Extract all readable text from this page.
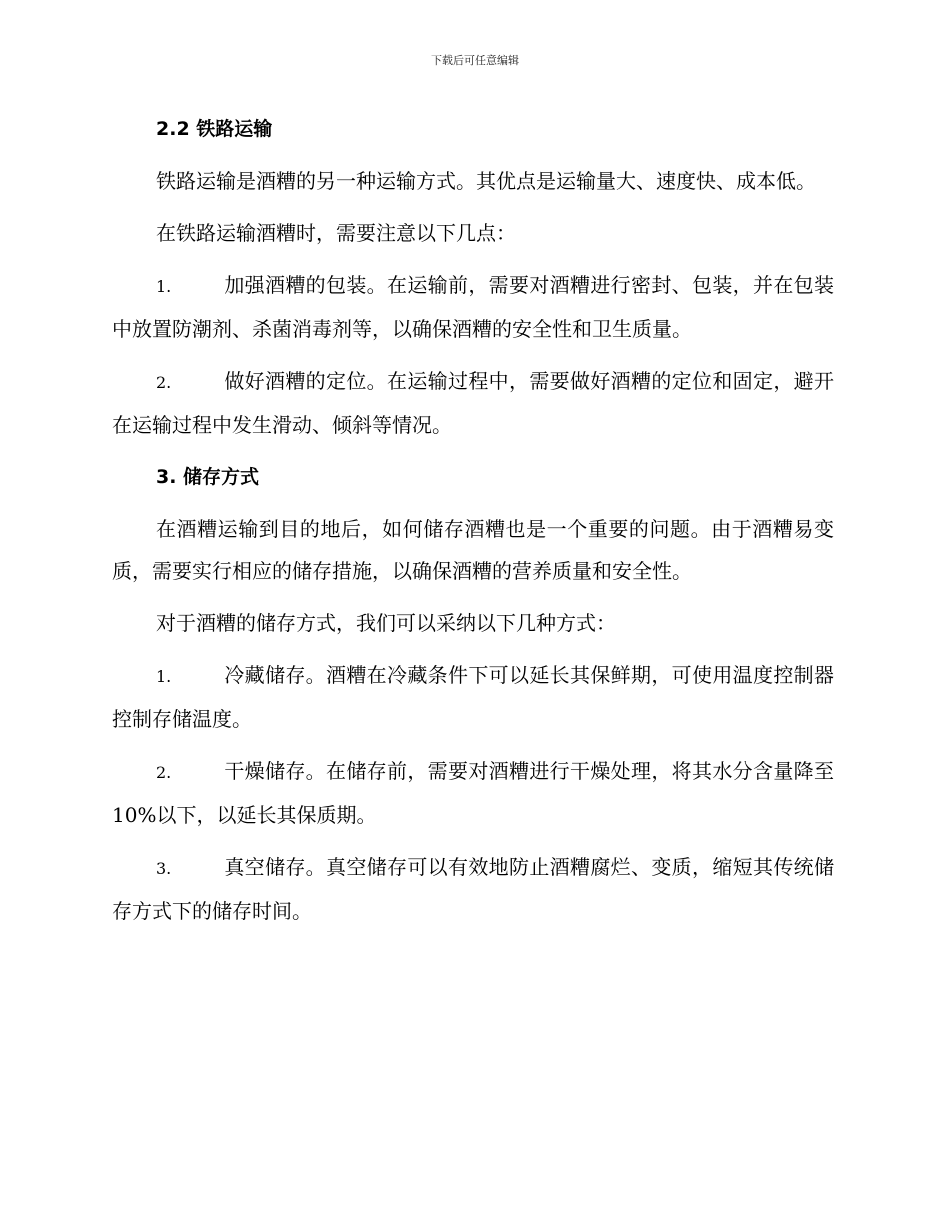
下载后可任意编辑
2.2 铁路运输

铁路运输是酒糟的另一种运输方式。其优点是运输量大、速度快、成本低。

在铁路运输酒糟时，需要注意以下几点：

1.	加强酒糟的包装。在运输前，需要对酒糟进行密封、包装，并在包装中放置防潮剂、杀菌消毒剂等，以确保酒糟的安全性和卫生质量。

2.	做好酒糟的定位。在运输过程中，需要做好酒糟的定位和固定，避开在运输过程中发生滑动、倾斜等情况。

3. 储存方式

在酒糟运输到目的地后，如何储存酒糟也是一个重要的问题。由于酒糟易变质，需要实行相应的储存措施，以确保酒糟的营养质量和安全性。

对于酒糟的储存方式，我们可以采纳以下几种方式：

1.	冷藏储存。酒糟在冷藏条件下可以延长其保鲜期，可使用温度控制器控制存储温度。

2.	干燥储存。在储存前，需要对酒糟进行干燥处理，将其水分含量降至10%以下，以延长其保质期。

3.	真空储存。真空储存可以有效地防止酒糟腐烂、变质，缩短其传统储存方式下的储存时间。
